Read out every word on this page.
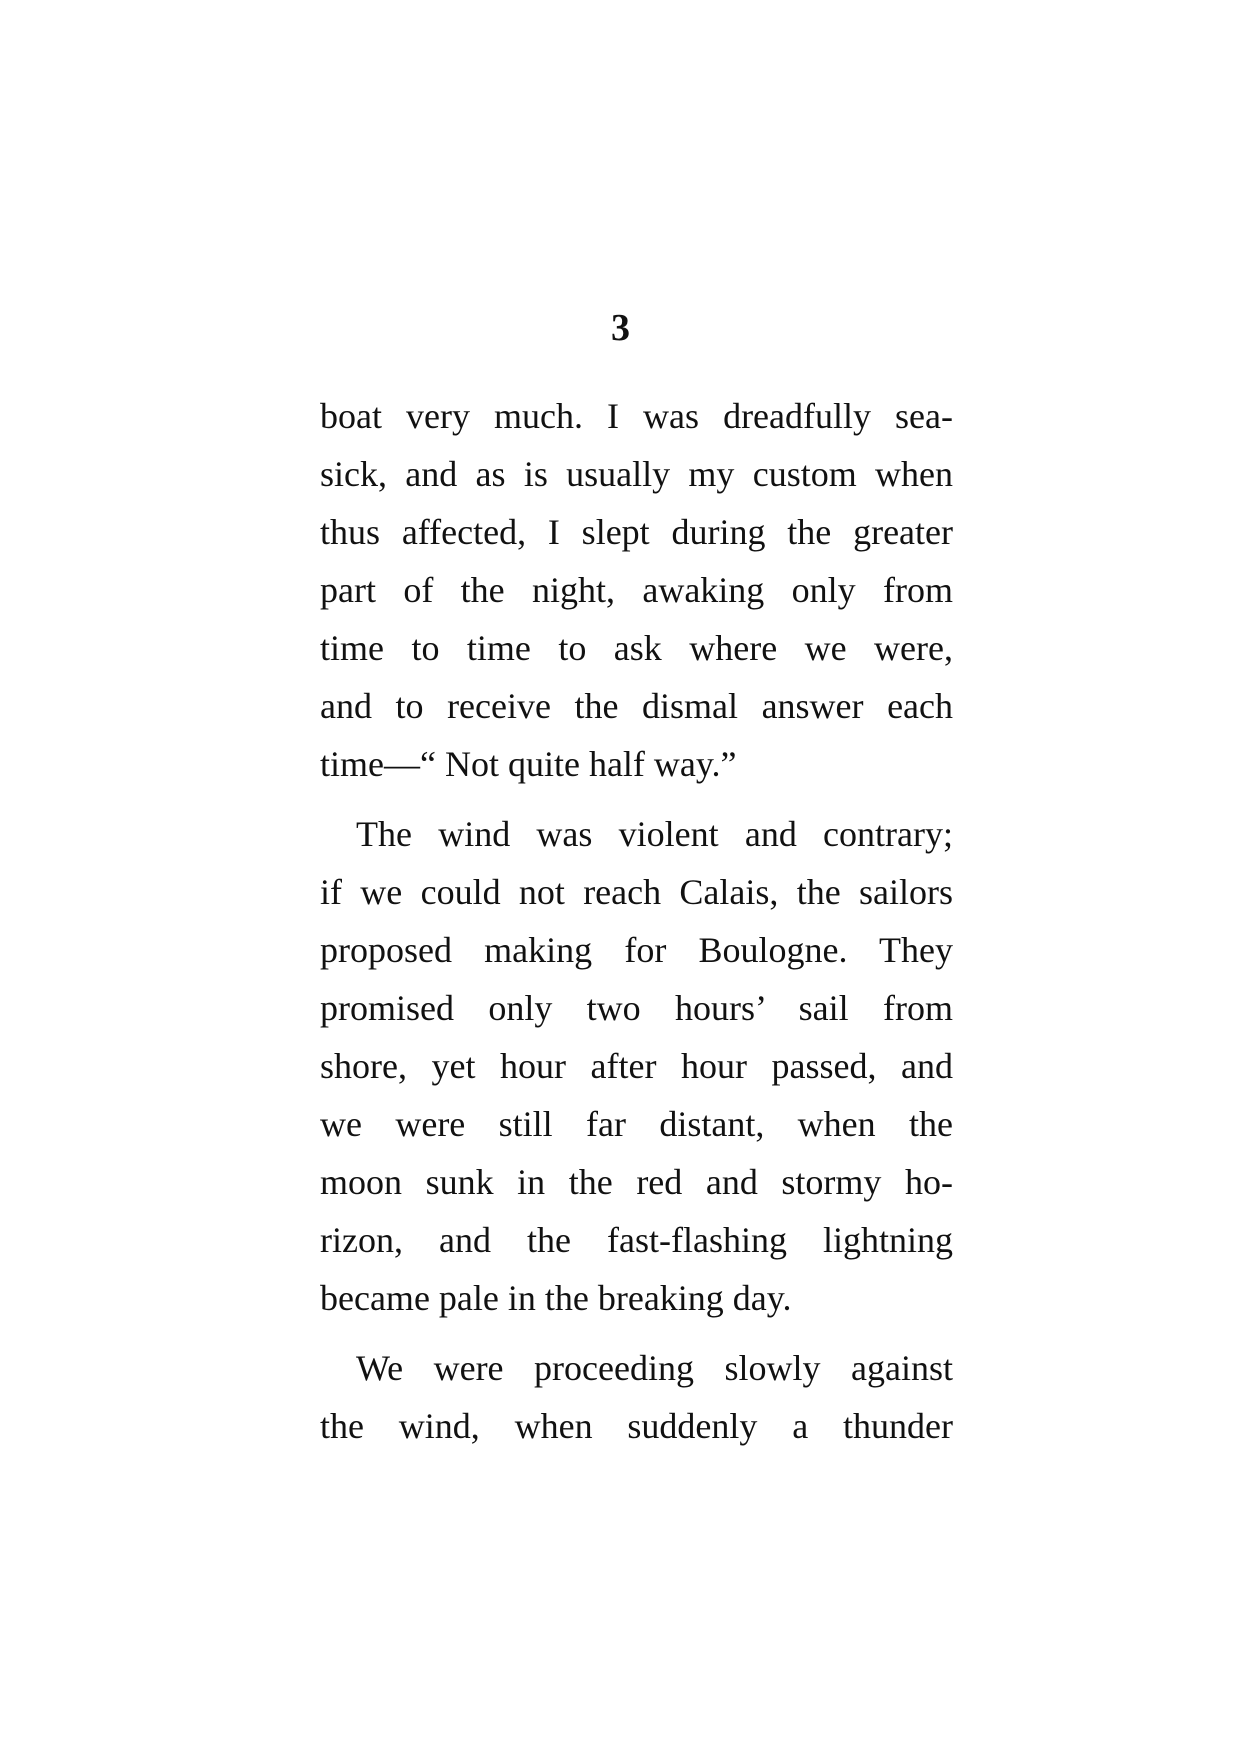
3
boat very much. I was dreadfully sea-
sick, and as is usually my custom when
thus affected, I slept during the greater
part of the night, awaking only from
time to time to ask where we were,
and to receive the dismal answer each
time—“ Not quite half way.”
The wind was violent and contrary;
if we could not reach Calais, the sailors
proposed making for Boulogne. They
promised only two hours’ sail from
shore, yet hour after hour passed, and
we were still far distant, when the
moon sunk in the red and stormy ho-
rizon, and the fast-flashing lightning
became pale in the breaking day.
We were proceeding slowly against
the wind, when suddenly a thunder
